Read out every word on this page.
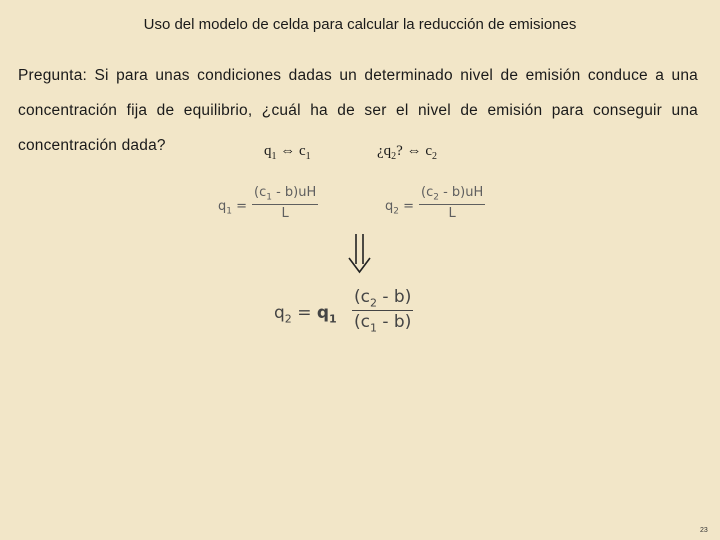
Uso del modelo de celda para calcular la reducción de emisiones
Pregunta: Si para unas condiciones dadas un determinado nivel de emisión conduce a una concentración fija de equilibrio, ¿cuál ha de ser el nivel de emisión para conseguir una concentración dada?	$q_1$ ⇔ $c_1$	¿$q_2$? ⇔ $c_2$
$q_1$ =
$(c_1 - b)uH$
L	$q_2$ =
$(c_2 - b)uH$
L
$q_2 = q_1$
$(c_2 - b)$
$(c_1 - b)$
23
